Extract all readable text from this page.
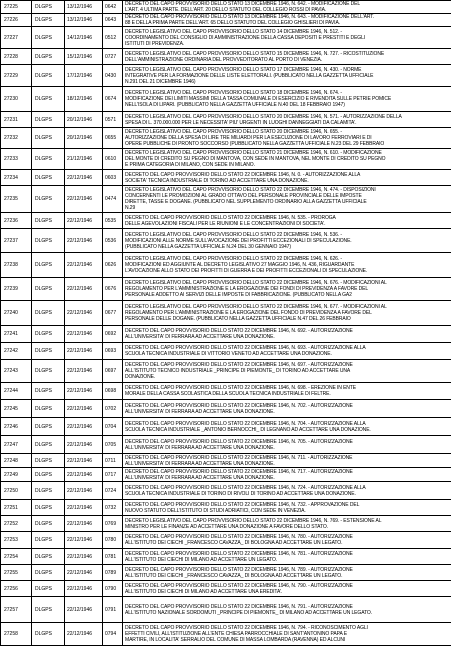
27225	DLGPS	13/12/1946	0642	DECRETO DEL CAPO PROVVISORIO DELLO STATO 13 DICEMBRE 1946, N. 642. - MODIFICAZIONE DEL
L'ART. 4 ULTIMA PARTE. DELL'ART. 20 DELLO STATUTO DEL COLLEGIO ROSSI DI PAVIA.

27226	DLGPS	13/12/1946	0643	DECRETO DEL CAPO PROVVISORIO DELLO STATO 13 DICEMBRE 1946, N. 643. - MODIFICAZIONE DELL'ART.
88 E DELLA PRIMA PARTE DELL'ART. 65 DELLO STATUTO DEL COLLEGIO GHISLIERI DI PAVIA.

27227	DLGPS	14/12/1946	0512	DECRETO LEGISLATIVO DEL CAPO PROVVISORIO DELLO STATO 14 DICEMBRE 1946, N. 512. -
COORDINAMENTO DEL CONSIGLIO DI AMMINISTRAZIONE DELLA CASSA DEPOSITI E PRESTITI E DEGLI
ISTITUTI DI PREVIDENZA.

27228	DLGPS	15/12/1946	0727	DECRETO LEGISLATIVO DEL CAPO PROVVISORIO DELLO STATO 15 DICEMBRE 1946, N. 727. - RICOSTITUZIONE
DELL'AMMINISTRAZIONE ORDINARIA DEL PROVVEDITORATO AL PORTO DI VENEZIA.

27229	DLGPS	17/12/1946	0430	DECRETO LEGISLATIVO DEL CAPO PROVVISORIO DELLO STATO 17 DICEMBRE 1946, N. 430. - NORME
INTEGRATIVE PER LA FORMAZIONE DELLE LISTE ELETTORALI. (PUBBLICATO NELLA GAZZETTA UFFICIALE
N.291 DEL 21 DICEMBRE 1946)

27230	DLGPS	18/12/1946	0674	DECRETO LEGISLATIVO DEL CAPO PROVVISORIO DELLO STATO 18 DICEMBRE 1946, N. 674. -
MODIFICAZIONE DEI LIMITI MASSIMI DELLA TASSA COMUNALE DI ESERCIZIO E RIVENDITA SULLE PETRIE POMICE
NELL'ISOLA DI LIPARI. (PUBBLICATO NELLA GAZZETTA UFFICIALE N.40 DEL 18 FEBBRAIO 1947)

27231	DLGPS	20/12/1946	0571	DECRETO LEGISLATIVO DEL CAPO PROVVISORIO DELLO STATO 20 DICEMBRE 1946, N. 571. - AUTORIZZAZIONE DELLA
SPESA DI L. 370.000.000 PER LE NECESSITA' PIU' URGENTI IN LUOGHI DANNEGGIATI DA CALAMITA'.

27232	DLGPS	20/12/1946	0655	DECRETO LEGISLATIVO DEL CAPO PROVVISORIO DELLO STATO 20 DICEMBRE 1946, N. 655. -
AUTORIZZAZIONE DELLA SPESA DI LIRE TRE MILIARDI PER LA ESECUZIONE DI LAVORO FERROVIARI E DI
OPERE PUBBLICHE DI PRONTO SOCCORSO (PUBBLICATO NELLA GAZZETTA UFFICIALE N.23 DEL 29 FEBBRAIO

27233	DLGPS	21/12/1946	0610	DECRETO LEGISLATIVO DEL CAPO PROVVISORIO DELLO STATO 21 DICEMBRE 1946, N. 610. - MODIFICAZIONE
DEL MONTE DI CREDITO SU PEGNO DI MANTOVA, CON SEDE IN MANTOVA, NEL MONTE DI CREDITO SU PEGNO
E PRIMA CATEGORIA DI MILANO, CON SEDE IN MILANO.

27234	DLGPS	22/12/1946	0603	DECRETO DEL CAPO PROVVISORIO DELLO STATO 22 DICEMBRE 1946, N. 0. - AUTORIZZAZIONE ALLA
SOCIETA' TECNICA INDUSTRIALE DI TORINO AD ACCETTARE UNA DONAZIONE.

27235	DLGPS	22/12/1946	0474	DECRETO LEGISLATIVO DEL CAPO PROVVISORIO DELLO STATO 22 DICEMBRE 1946, N. 474. - DISPOSIZIONI
CONCERNENTI LE PROMOZIONI AL GRADO OTTAVO DEL PERSONALE PROVINCIALE DELLE IMPOSTE
DIRETTE, TASSE E DOGANE. (PUBBLICATO NEL SUPPLEMENTO ORDINARIO ALLA GAZZETTA UFFICIALE
N.29

27236	DLGPS	22/12/1946	0535	DECRETO DEL CAPO PROVVISORIO DELLO STATO 22 DICEMBRE 1946, N. 535. - PROROGA
DELLE AGEVOLAZIONI FISCALI PER LE RIUNIONI E LE CONCENTRAZIONI DI SOCIETA'.

27237	DLGPS	22/12/1946	0536	DECRETO LEGISLATIVO DEL CAPO PROVVISORIO DELLO STATO 22 DICEMBRE 1946, N. 536. -
MODIFICAZIONI ALLE NORME SULL'AVOCAZIONE DEI PROFITTI ECCEZIONALI DI SPECULAZIONE.
(PUBBLICATO NELLA GAZZETTA UFFICIALE N.24 DEL 30 GENNAIO 1947)

27238	DLGPS	22/12/1946	0626	DECRETO LEGISLATIVO DEL CAPO PROVVISORIO DELLO STATO 22 DICEMBRE 1946, N. 626. -
MODIFICAZIONI ED AGGIUNTE AL DECRETO LEGISLATIVO 27 MAGGIO 1946, N. 436, RIGUARDANTE
L'AVOCAZIONE ALLO STATO DEI PROFITTI DI GUERRA E DEI PROFITTI ECCEZIONALI DI SPECULAZIONE.

27239	DLGPS	22/12/1946	0676	DECRETO LEGISLATIVO DEL CAPO PROVVISORIO DELLO STATO 22 DICEMBRE 1946, N. 676. - MODIFICAZIONI AL
REGOLAMENTO PER L'AMMINISTRAZIONE E LA EROGAZIONE DEI FONDI DI PREVIDENZA A FAVORE DEL
PERSONALE ADDETTO AI SERVIZI DELLE IMPOSTE DI FABBRICAZIONE. (PUBBLICATO NELLA GA2

27240	DLGPS	22/12/1946	0677	DECRETO LEGISLATIVO DEL CAPO PROVVISORIO DELLO STATO 22 DICEMBRE 1946, N. 677. - MODIFICAZIONI AL
REGOLAMENTO PER L'AMMINISTRAZIONE E LA EROGAZIONE DEL FONDO DI PREVIDENZA A FAVORE DEL
PERSONALE DELLE DOGANE. (PUBBLICATO NELLA GAZZETTA UFFICIALE N.47 DEL 26 FEBBRAIO

27241	DLGPS	22/12/1946	0692	DECRETO DEL CAPO PROVVISORIO DELLO STATO 22 DICEMBRE 1946, N. 692. - AUTORIZZAZIONE
ALL'UNIVERSITA' DI FERRARA AD ACCETTARE UNA DONAZIONE.

27242	DLGPS	22/12/1946	0693	DECRETO DEL CAPO PROVVISORIO DELLO STATO 22 DICEMBRE 1946, N. 693. - AUTORIZZAZIONE ALLA
SCUOLA TECNICA INDUSTRIALE DI VITTORIO VENETO AD ACCETTARE UNA DONAZIONE.

27243	DLGPS	22/12/1946	0697	DECRETO DEL CAPO PROVVISORIO DELLO STATO 22 DICEMBRE 1946, N. 697. - AUTORIZZAZIONE
ALL'ISTITUTO TECNICO INDUSTRIALE _PRINCIPE DI PIEMONTE_ DI TORINO AD ACCETTARE UNA
DONAZIONE.

27244	DLGPS	22/12/1946	0698	DECRETO DEL CAPO PROVVISORIO DELLO STATO 22 DICEMBRE 1946, N. 698. - EREZIONE IN ENTE
MORALE DELLA CASSA SCOLASTICA DELLA SCUOLA TECNICA INDUSTRIALE DI FELTRE.

27245	DLGPS	22/12/1946	0702	DECRETO DEL CAPO PROVVISORIO DELLO STATO 22 DICEMBRE 1946, N. 702. - AUTORIZZAZIONE
ALL'UNIVERSITA' DI FERRARA AD ACCETTARE UNA DONAZIONE.

27246	DLGPS	22/12/1946	0704	DECRETO DEL CAPO PROVVISORIO DELLO STATO 22 DICEMBRE 1946, N. 704. - AUTORIZZAZIONE ALLA
SCUOLA TECNICA INDUSTRIALE _ANTONIO BERNOCCHI_ DI LEGNANO AD ACCETTARE UNA DONAZIONE.

27247	DLGPS	22/12/1946	0705	DECRETO DEL CAPO PROVVISORIO DELLO STATO 22 DICEMBRE 1946, N. 705. - AUTORIZZAZIONE
ALL'UNIVERSITA' DI FERRARA AD ACCETTARE UNA DONAZIONE.

27248	DLGPS	22/12/1946	0711	DECRETO DEL CAPO PROVVISORIO DELLO STATO 22 DICEMBRE 1946, N. 711. - AUTORIZZAZIONE
ALL'UNIVERSITA' DI FERRARA AD ACCETTARE UNA DONAZIONE.

27249	DLGPS	22/12/1946	0717	DECRETO DEL CAPO PROVVISORIO DELLO STATO 22 DICEMBRE 1946, N. 717. - AUTORIZZAZIONE
ALL'UNIVERSITA' DI FERRARA AD ACCETTARE UNA DONAZIONE.

27250	DLGPS	22/12/1946	0724	DECRETO DEL CAPO PROVVISORIO DELLO STATO 22 DICEMBRE 1946, N. 724. - AUTORIZZAZIONE ALLA
SCUOLA TECNICA INDUSTRIALE DI TORINO DI RIVOLI DI TORINO AD ACCETTARE UNA DONAZIONE.

27251	DLGPS	22/12/1946	0732	DECRETO DEL CAPO PROVVISORIO DELLO STATO 22 DICEMBRE 1946, N. 732. - APPROVAZIONE DEL
NUOVO STATUTO DELL'ISTITUTO DI STUDI ADRIATICI, CON SEDE IN VENEZIA.

27252	DLGPS	22/12/1946	0769	DECRETO LEGISLATIVO DEL CAPO PROVVISORIO DELLO STATO 22 DICEMBRE 1946, N. 769. - ESTENSIONE AL
MINISTRO PER LE FINANZE AD ACCETTARE UNA DONAZIONE A FAVORE DELLO STATO.

27253	DLGPS	22/12/1946	0780	DECRETO DEL CAPO PROVVISORIO DELLO STATO 22 DICEMBRE 1946, N. 780. - AUTORIZZAZIONE
ALL'ISTITUTO DEI CIECHI _FRANCESCO CAVAZZA_ DI BOLOGNA AD ACCETTARE UN LEGATO.

27254	DLGPS	22/12/1946	0781	DECRETO DEL CAPO PROVVISORIO DELLO STATO 22 DICEMBRE 1946, N. 781. - AUTORIZZAZIONE
ALL'ISTITUTO DEI CIECHI DI MILANO AD ACCETTARE UN LEGATO.

27255	DLGPS	22/12/1946	0789	DECRETO DEL CAPO PROVVISORIO DELLO STATO 22 DICEMBRE 1946, N. 789. - AUTORIZZAZIONE
ALL'ISTITUTO DEI CIECHI _FRANCESCO CAVAZZA_ DI BOLOGNA AD ACCETTARE UN LEGATO.

27256	DLGPS	22/12/1946	0790	DECRETO DEL CAPO PROVVISORIO DELLO STATO 22 DICEMBRE 1946, N. 790. - AUTORIZZAZIONE
ALL'ISTITUTO DEI CIECHI DI MILANO AD ACCETTARE UNA EREDITA'.

27257	DLGPS	22/12/1946	0791	DECRETO DEL CAPO PROVVISORIO DELLO STATO 22 DICEMBRE 1946, N. 791. - AUTORIZZAZIONE
ALL'ISTITUTO NAZIONALE SORDOMUTI _PRINCIPE DI PIEMONTE_ DI MILANO AD ACCETTARE UN LEGATO.

27258	DLGPS	22/12/1946	0794	DECRETO DEL CAPO PROVVISORIO DELLO STATO 22 DICEMBRE 1946, N. 794. - RICONOSCIMENTO AGLI
EFFETTI CIVILI, ALL'ISTITUZIONE ALL'ENTE CHIESA PARROCCHIALE DI SANT'ANTONINO PAPA E
MARTIRE, IN LOCALITA' SERRALIO DEL COMUNE DI MASSA LOMBARDA (RAVENNA) ED ALCUNI
